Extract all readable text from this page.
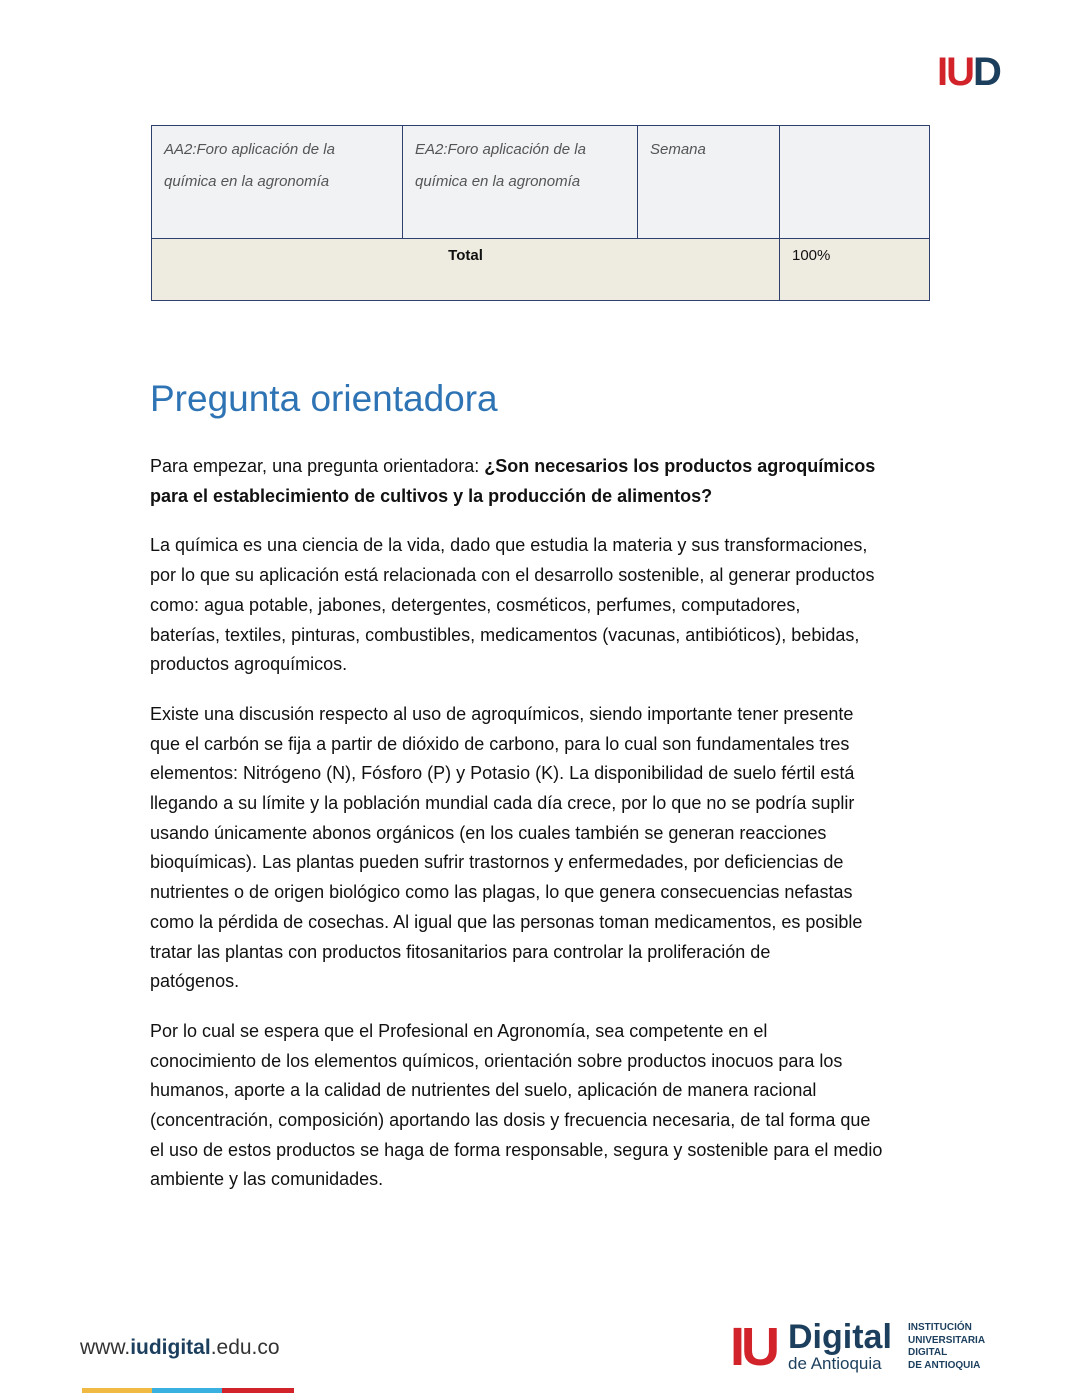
IUD
AA2:Foro aplicación de la química en la agronomía	EA2:Foro aplicación de la química en la agronomía	Semana	
Total			100%
Pregunta orientadora

Para empezar, una pregunta orientadora: ¿Son necesarios los productos agroquímicos
para el establecimiento de cultivos y la producción de alimentos?

La química es una ciencia de la vida, dado que estudia la materia y sus transformaciones,
por lo que su aplicación está relacionada con el desarrollo sostenible, al generar productos
como: agua potable, jabones, detergentes, cosméticos, perfumes, computadores,
baterías, textiles, pinturas, combustibles, medicamentos (vacunas, antibióticos), bebidas,
productos agroquímicos.

Existe una discusión respecto al uso de agroquímicos, siendo importante tener presente
que el carbón se fija a partir de dióxido de carbono, para lo cual son fundamentales tres
elementos: Nitrógeno (N), Fósforo (P) y Potasio (K). La disponibilidad de suelo fértil está
llegando a su límite y la población mundial cada día crece, por lo que no se podría suplir
usando únicamente abonos orgánicos (en los cuales también se generan reacciones
bioquímicas). Las plantas pueden sufrir trastornos y enfermedades, por deficiencias de
nutrientes o de origen biológico como las plagas, lo que genera consecuencias nefastas
como la pérdida de cosechas. Al igual que las personas toman medicamentos, es posible
tratar las plantas con productos fitosanitarios para controlar la proliferación de
patógenos.

Por lo cual se espera que el Profesional en Agronomía, sea competente en el
conocimiento de los elementos químicos, orientación sobre productos inocuos para los
humanos, aporte a la calidad de nutrientes del suelo, aplicación de manera racional
(concentración, composición) aportando las dosis y frecuencia necesaria, de tal forma que
el uso de estos productos se haga de forma responsable, segura y sostenible para el medio
ambiente y las comunidades.

www.iudigital.edu.co	IU Digital
de Antioquia
INSTITUCIÓN
UNIVERSITARIA
DIGITAL
DE ANTIOQUIA
